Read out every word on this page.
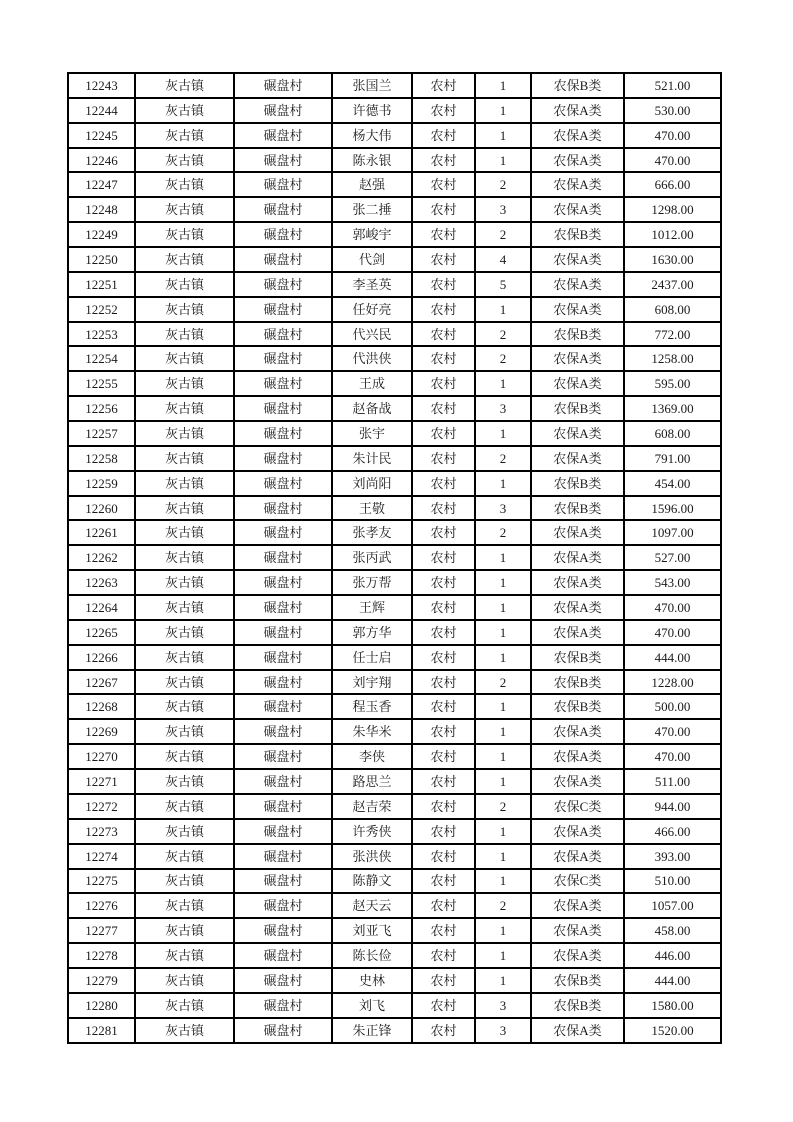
12243	灰古镇	碾盘村	张国兰	农村	1	农保B类	521.00
12244	灰古镇	碾盘村	许德书	农村	1	农保A类	530.00
12245	灰古镇	碾盘村	杨大伟	农村	1	农保A类	470.00
12246	灰古镇	碾盘村	陈永银	农村	1	农保A类	470.00
12247	灰古镇	碾盘村	赵强	农村	2	农保A类	666.00
12248	灰古镇	碾盘村	张二捶	农村	3	农保A类	1298.00
12249	灰古镇	碾盘村	郭峻宇	农村	2	农保B类	1012.00
12250	灰古镇	碾盘村	代剑	农村	4	农保A类	1630.00
12251	灰古镇	碾盘村	李圣英	农村	5	农保A类	2437.00
12252	灰古镇	碾盘村	任好亮	农村	1	农保A类	608.00
12253	灰古镇	碾盘村	代兴民	农村	2	农保B类	772.00
12254	灰古镇	碾盘村	代洪侠	农村	2	农保A类	1258.00
12255	灰古镇	碾盘村	王成	农村	1	农保A类	595.00
12256	灰古镇	碾盘村	赵备战	农村	3	农保B类	1369.00
12257	灰古镇	碾盘村	张宇	农村	1	农保A类	608.00
12258	灰古镇	碾盘村	朱计民	农村	2	农保A类	791.00
12259	灰古镇	碾盘村	刘尚阳	农村	1	农保B类	454.00
12260	灰古镇	碾盘村	王敬	农村	3	农保B类	1596.00
12261	灰古镇	碾盘村	张孝友	农村	2	农保A类	1097.00
12262	灰古镇	碾盘村	张丙武	农村	1	农保A类	527.00
12263	灰古镇	碾盘村	张万帮	农村	1	农保A类	543.00
12264	灰古镇	碾盘村	王辉	农村	1	农保A类	470.00
12265	灰古镇	碾盘村	郭方华	农村	1	农保A类	470.00
12266	灰古镇	碾盘村	任士启	农村	1	农保B类	444.00
12267	灰古镇	碾盘村	刘宇翔	农村	2	农保B类	1228.00
12268	灰古镇	碾盘村	程玉香	农村	1	农保B类	500.00
12269	灰古镇	碾盘村	朱华米	农村	1	农保A类	470.00
12270	灰古镇	碾盘村	李侠	农村	1	农保A类	470.00
12271	灰古镇	碾盘村	路思兰	农村	1	农保A类	511.00
12272	灰古镇	碾盘村	赵吉荣	农村	2	农保C类	944.00
12273	灰古镇	碾盘村	许秀侠	农村	1	农保A类	466.00
12274	灰古镇	碾盘村	张洪侠	农村	1	农保A类	393.00
12275	灰古镇	碾盘村	陈静文	农村	1	农保C类	510.00
12276	灰古镇	碾盘村	赵天云	农村	2	农保A类	1057.00
12277	灰古镇	碾盘村	刘亚飞	农村	1	农保A类	458.00
12278	灰古镇	碾盘村	陈长俭	农村	1	农保A类	446.00
12279	灰古镇	碾盘村	史林	农村	1	农保B类	444.00
12280	灰古镇	碾盘村	刘飞	农村	3	农保B类	1580.00
12281	灰古镇	碾盘村	朱正锋	农村	3	农保A类	1520.00
